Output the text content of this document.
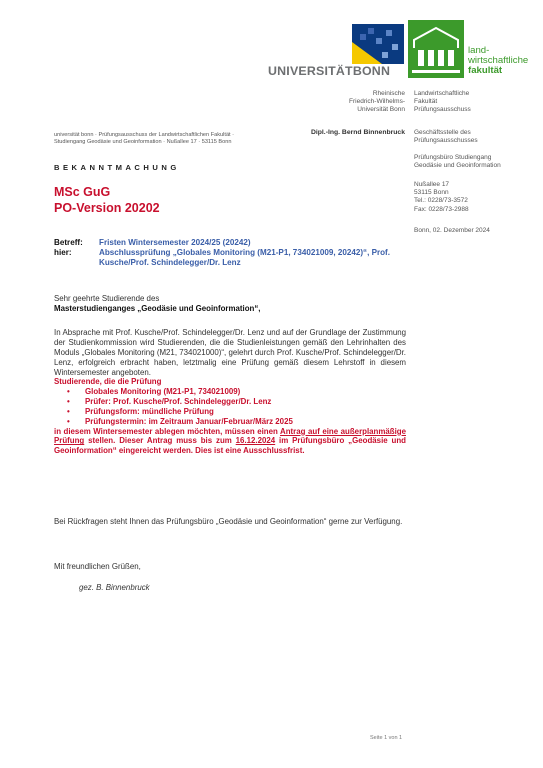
UNIVERSITÄTBONN
land-
wirtschaftliche
fakultät
Rheinische
Friedrich-Wilhelms-
Universität Bonn
Landwirtschaftliche
Fakultät
Prüfungsausschuss
universität bonn · Prüfungsausschuss der Landwirtschaftlichen Fakultät ·
Studiengang Geodäsie und Geoinformation · Nußallee 17 · 53115 Bonn
Dipl.-Ing. Bernd Binnenbruck Geschäftsstelle des
Prüfungsausschusses
Prüfungsbüro Studiengang
Geodäsie und Geoinformation
Nußallee 17
53115 Bonn
Tel.: 0228/73-3572
Fax: 0228/73-2988
Bonn, 02. Dezember 2024
BEKANNTMACHUNG
MSc GuG
PO-Version 20202
Betreff: Fristen Wintersemester 2024/25 (20242)
hier:	Abschlussprüfung „Globales Monitoring (M21-P1, 734021009, 20242)“, Prof. Kusche/Prof. Schindelegger/Dr. Lenz
Sehr geehrte Studierende des
Masterstudienganges „Geodäsie und Geoinformation“,
In Absprache mit Prof. Kusche/Prof. Schindelegger/Dr. Lenz und auf der Grundlage der Zustimmung der Studienkommission wird Studierenden, die die Studienleistungen gemäß den Lehrinhalten des Moduls „Globales Monitoring (M21, 734021000)“, gelehrt durch Prof. Kusche/Prof. Schindelegger/Dr. Lenz, erfolgreich erbracht haben, letztmalig eine Prüfung gemäß diesem Lehrstoff in diesem Wintersemester angeboten.
Studierende, die die Prüfung
• Globales Monitoring (M21-P1, 734021009)
• Prüfer: Prof. Kusche/Prof. Schindelegger/Dr. Lenz
• Prüfungsform: mündliche Prüfung
• Prüfungstermin: im Zeitraum Januar/Februar/März 2025
in diesem Wintersemester ablegen möchten, müssen einen Antrag auf eine außerplanmäßige Prüfung stellen. Dieser Antrag muss bis zum 16.12.2024 im Prüfungsbüro „Geodäsie und Geoinformation“ eingereicht werden. Dies ist eine Ausschlussfrist.
Bei Rückfragen steht Ihnen das Prüfungsbüro „Geodäsie und Geoinformation“ gerne zur Verfügung.
Mit freundlichen Grüßen,
gez. B. Binnenbruck
Seite 1 von 1
